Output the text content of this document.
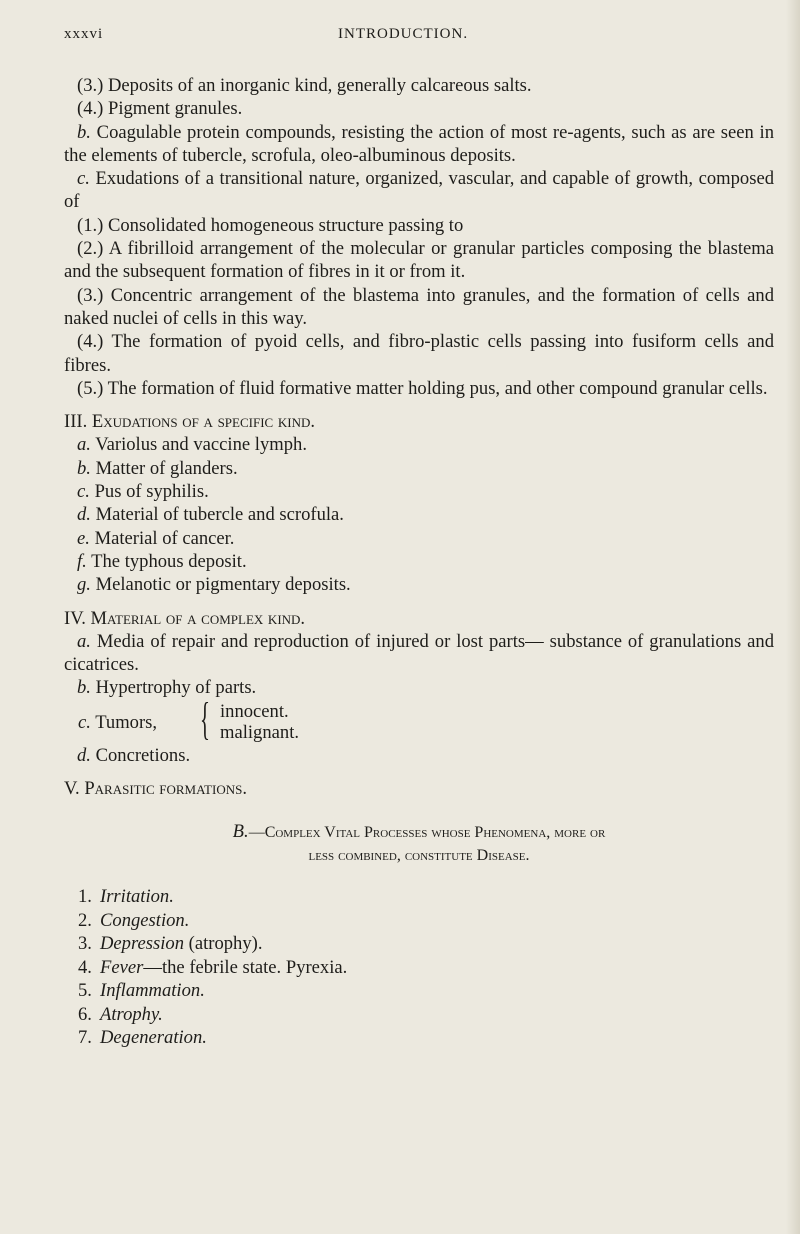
xxxvi	INTRODUCTION.

(3.) Deposits of an inorganic kind, generally calcareous salts.

(4.) Pigment granules.

b. Coagulable protein compounds, resisting the action of most re-agents, such as are seen in the elements of tubercle, scrofula, oleo-albuminous deposits.

c. Exudations of a transitional nature, organized, vascular, and capable of growth, composed of

(1.) Consolidated homogeneous structure passing to

(2.) A fibrilloid arrangement of the molecular or granular particles composing the blastema and the subsequent formation of fibres in it or from it.

(3.) Concentric arrangement of the blastema into granules, and the formation of cells and naked nuclei of cells in this way.

(4.) The formation of pyoid cells, and fibro-plastic cells passing into fusiform cells and fibres.

(5.) The formation of fluid formative matter holding pus, and other compound granular cells.

III. Exudations of a specific kind.

a. Variolus and vaccine lymph.

b. Matter of glanders.

c. Pus of syphilis.

d. Material of tubercle and scrofula.

e. Material of cancer.

f. The typhous deposit.

g. Melanotic or pigmentary deposits.

IV. Material of a complex kind.

a. Media of repair and reproduction of injured or lost parts— substance of granulations and cicatrices.

b. Hypertrophy of parts.

c. Tumors, { innocent.
malignant.

d. Concretions.

V. Parasitic formations.

B.—Complex Vital Processes whose Phenomena, more or
less combined, constitute Disease.
1. Irritation.
2. Congestion.
3. Depression (atrophy).
4. Fever—the febrile state. Pyrexia.
5. Inflammation.
6. Atrophy.
7. Degeneration.
